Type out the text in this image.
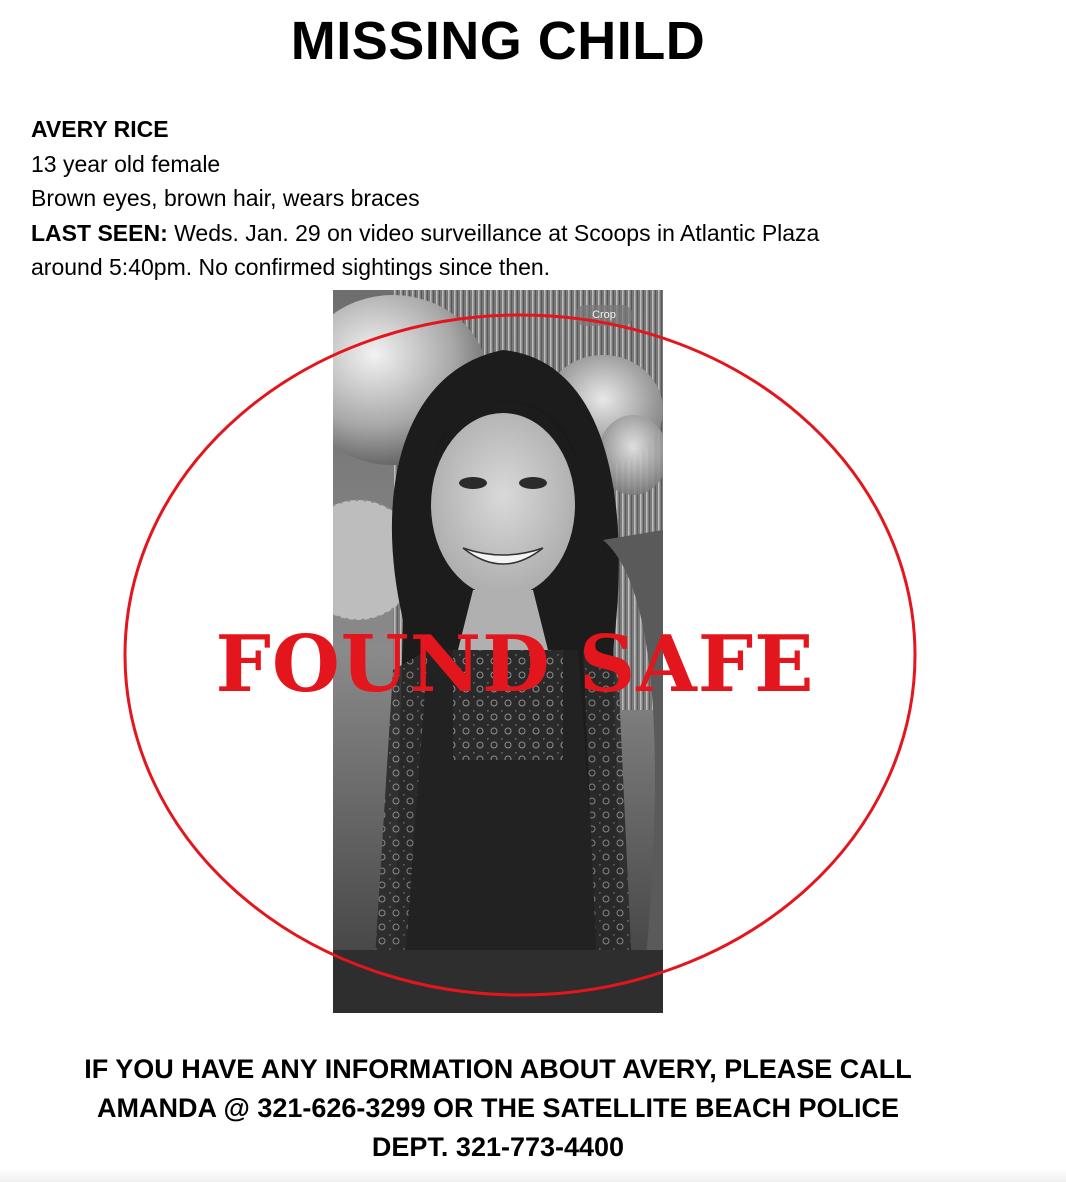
MISSING CHILD
AVERY RICE
13 year old female
Brown eyes, brown hair, wears braces
LAST SEEN: Weds. Jan. 29 on video surveillance at Scoops in Atlantic Plaza
around 5:40pm. No confirmed sightings since then.
Crop
FOUND SAFE
IF YOU HAVE ANY INFORMATION ABOUT AVERY, PLEASE CALL
AMANDA @ 321-626-3299 OR THE SATELLITE BEACH POLICE
DEPT. 321-773-4400
